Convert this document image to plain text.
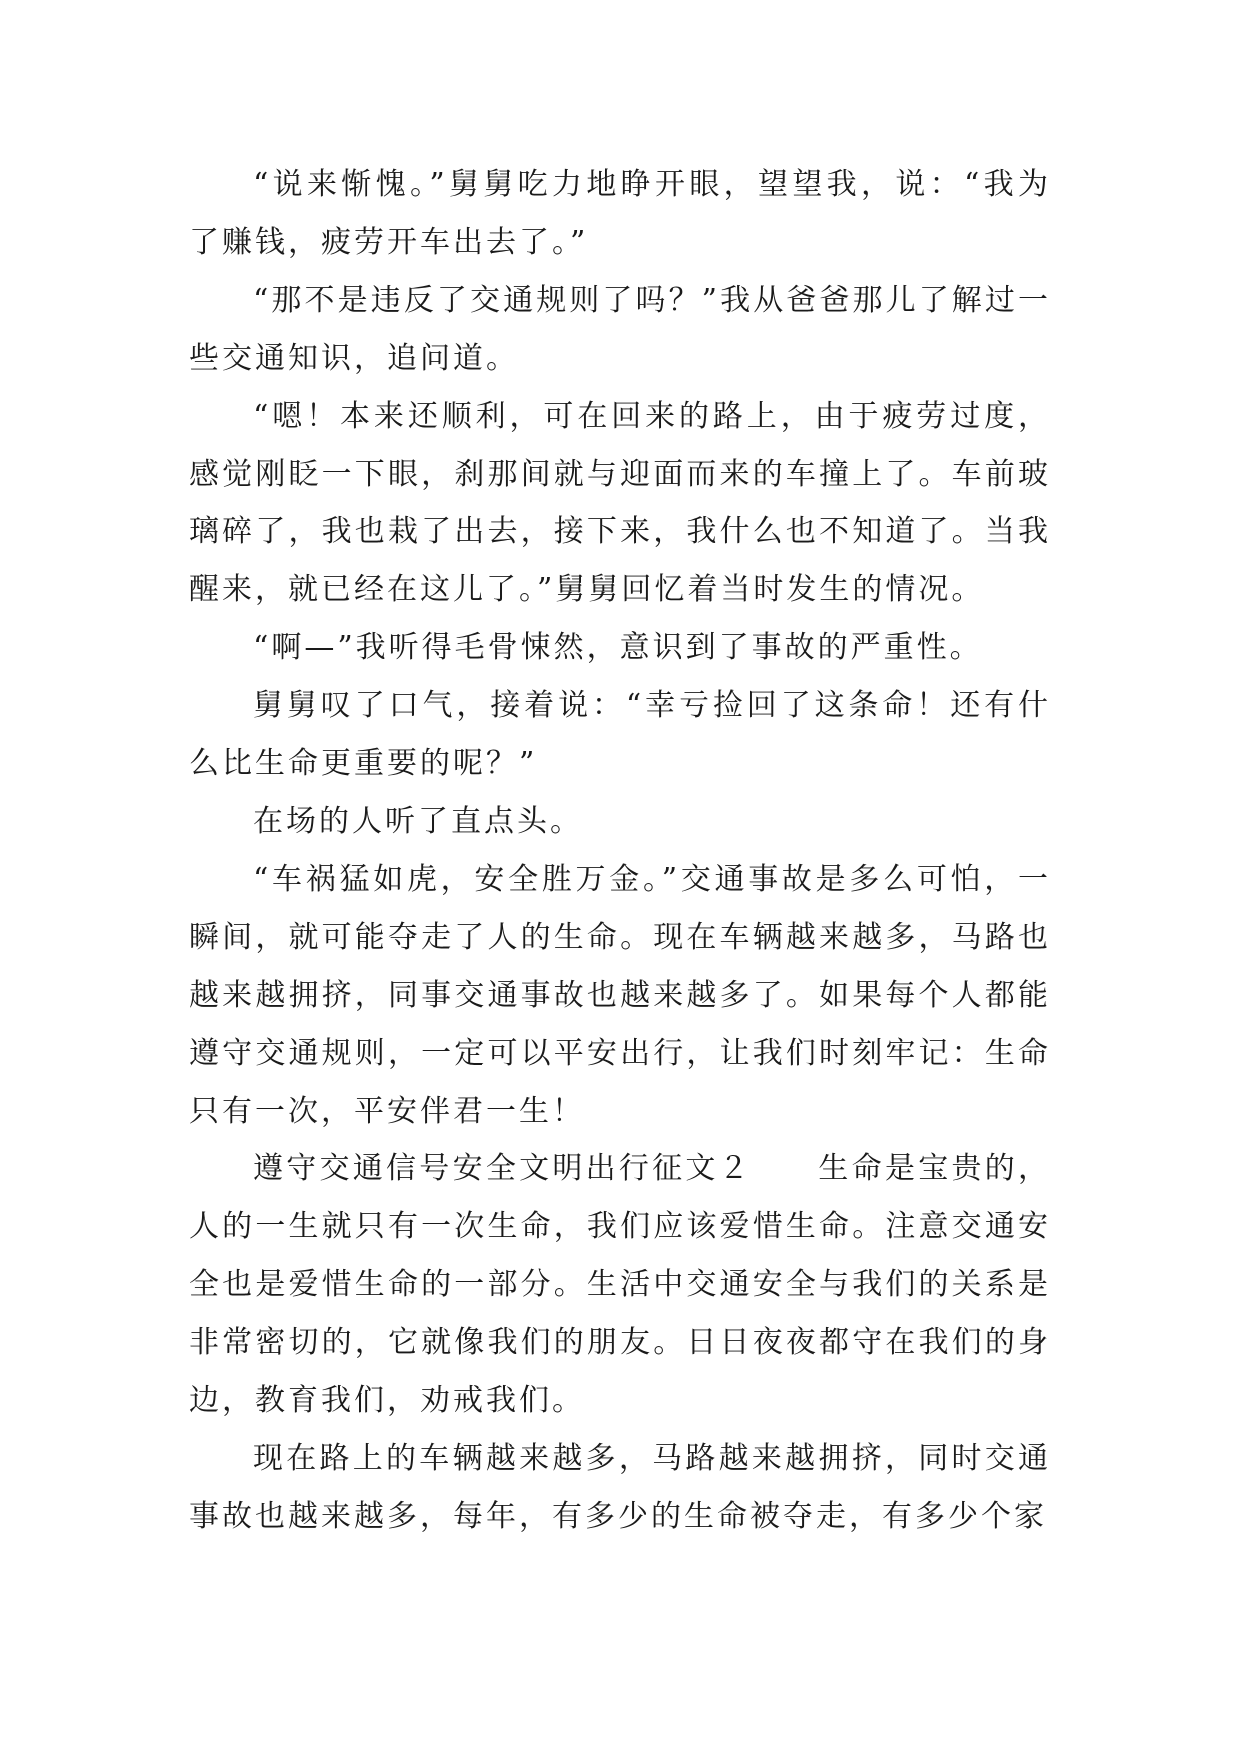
“说来惭愧。”舅舅吃力地睁开眼，望望我，说：“我为了赚钱，疲劳开车出去了。”

“那不是违反了交通规则了吗？”我从爸爸那儿了解过一些交通知识，追问道。

“嗯！本来还顺利，可在回来的路上，由于疲劳过度，感觉刚眨一下眼，刹那间就与迎面而来的车撞上了。车前玻璃碎了，我也栽了出去，接下来，我什么也不知道了。当我醒来，就已经在这儿了。”舅舅回忆着当时发生的情况。

“啊—”我听得毛骨悚然，意识到了事故的严重性。

舅舅叹了口气，接着说：“幸亏捡回了这条命！还有什么比生命更重要的呢？”

在场的人听了直点头。

“车祸猛如虎，安全胜万金。”交通事故是多么可怕，一瞬间，就可能夺走了人的生命。现在车辆越来越多，马路也越来越拥挤，同事交通事故也越来越多了。如果每个人都能遵守交通规则，一定可以平安出行，让我们时刻牢记：生命只有一次，平安伴君一生！

遵守交通信号安全文明出行征文２　　生命是宝贵的，人的一生就只有一次生命，我们应该爱惜生命。注意交通安全也是爱惜生命的一部分。生活中交通安全与我们的关系是非常密切的，它就像我们的朋友。日日夜夜都守在我们的身边，教育我们，劝戒我们。

现在路上的车辆越来越多，马路越来越拥挤，同时交通事故也越来越多，每年，有多少的生命被夺走，有多少个家
